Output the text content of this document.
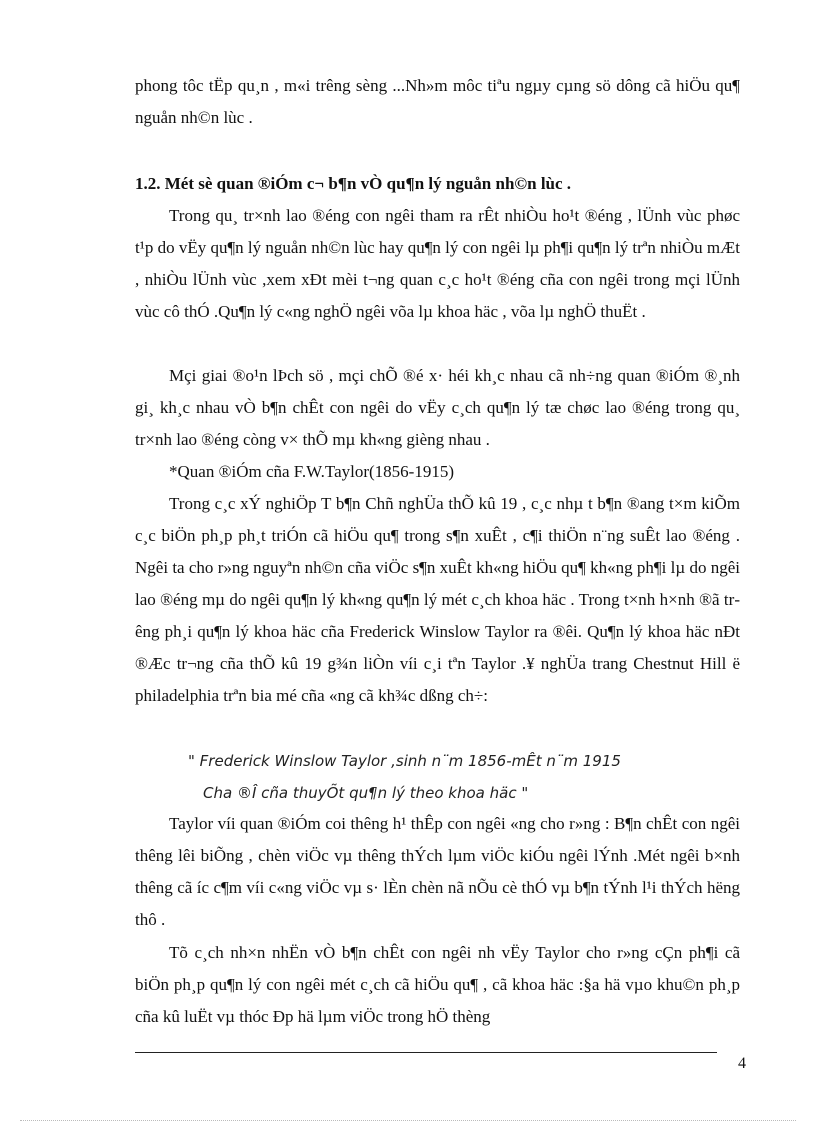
phong tôc tËp qu¸n , m«i trêng sèng ...Nh»m môc tiªu ngµy cµng sö dông cã hiÖu qu¶ nguån nh©n lùc .

1.2. Mét sè quan ®iÓm c¬ b¶n vÒ qu¶n lý nguån nh©n lùc .

Trong qu¸ tr×nh lao ®éng con ngêi tham ra rÊt nhiÒu ho¹t ®éng , lÜnh vùc phøc t¹p do vËy qu¶n lý nguån nh©n lùc hay qu¶n lý con ngêi lµ ph¶i qu¶n lý trªn nhiÒu mÆt , nhiÒu lÜnh vùc ,xem xÐt mèi t¬ng quan c¸c ho¹t ®éng cña con ngêi trong mçi lÜnh vùc cô thÓ .Qu¶n lý c«ng nghÖ ngêi võa lµ khoa häc , võa lµ nghÖ thuËt .

Mçi giai ®o¹n lÞch sö , mçi chÕ ®é x· héi kh¸c nhau cã nh÷ng quan ®iÓm ®¸nh gi¸ kh¸c nhau vÒ b¶n chÊt con ngêi do vËy c¸ch qu¶n lý tæ chøc lao ®éng trong qu¸ tr×nh lao ®éng còng v× thÕ mµ kh«ng gièng nhau .

*Quan ®iÓm cña F.W.Taylor(1856-1915)

Trong c¸c xÝ nghiÖp T b¶n Chñ nghÜa thÕ kû 19 , c¸c nhµ t b¶n ®ang t×m kiÕm c¸c biÖn ph¸p ph¸t triÓn cã hiÖu qu¶ trong s¶n xuÊt , c¶i thiÖn n¨ng suÊt lao ®éng . Ngêi ta cho r»ng nguyªn nh©n cña viÖc s¶n xuÊt kh«ng hiÖu qu¶ kh«ng ph¶i lµ do ngêi lao ®éng mµ do ngêi qu¶n lý kh«ng qu¶n lý mét c¸ch khoa häc . Trong t×nh h×nh ®ã trêng ph¸i qu¶n lý khoa häc cña Frederick Winslow Taylor ra ®êi. Qu¶n lý khoa häc nÐt ®Æc tr¬ng cña thÕ kû 19 g¾n liÒn víi c¸i tªn Taylor .¥ nghÜa trang Chestnut Hill ë philadelphia trªn bia mé cña «ng cã kh¾c dßng ch÷:

" Frederick Winslow Taylor ,sinh n¨m 1856-mÊt n¨m 1915

Cha ®Î cña thuyÕt qu¶n lý theo khoa häc "

Taylor víi quan ®iÓm coi thêng h¹ thÊp con ngêi «ng cho r»ng : B¶n chÊt con ngêi thêng lêi biÕng , chèn viÖc vµ thêng thÝch lµm viÖc kiÓu ngêi lÝnh .Mét ngêi b×nh thêng cã íc c¶m víi c«ng viÖc vµ s· lÈn chèn nã nÕu cè thÓ vµ b¶n tÝnh l¹i thÝch hëng thô .

Tõ c¸ch nh×n nhËn vÒ b¶n chÊt con ngêi nh vËy Taylor cho r»ng cÇn ph¶i cã biÖn ph¸p qu¶n lý con ngêi mét c¸ch cã hiÖu qu¶ , cã khoa häc :§a hä vµo khu©n ph¸p cña kû luËt vµ thóc Ðp hä lµm viÖc trong hÖ thèng

4
